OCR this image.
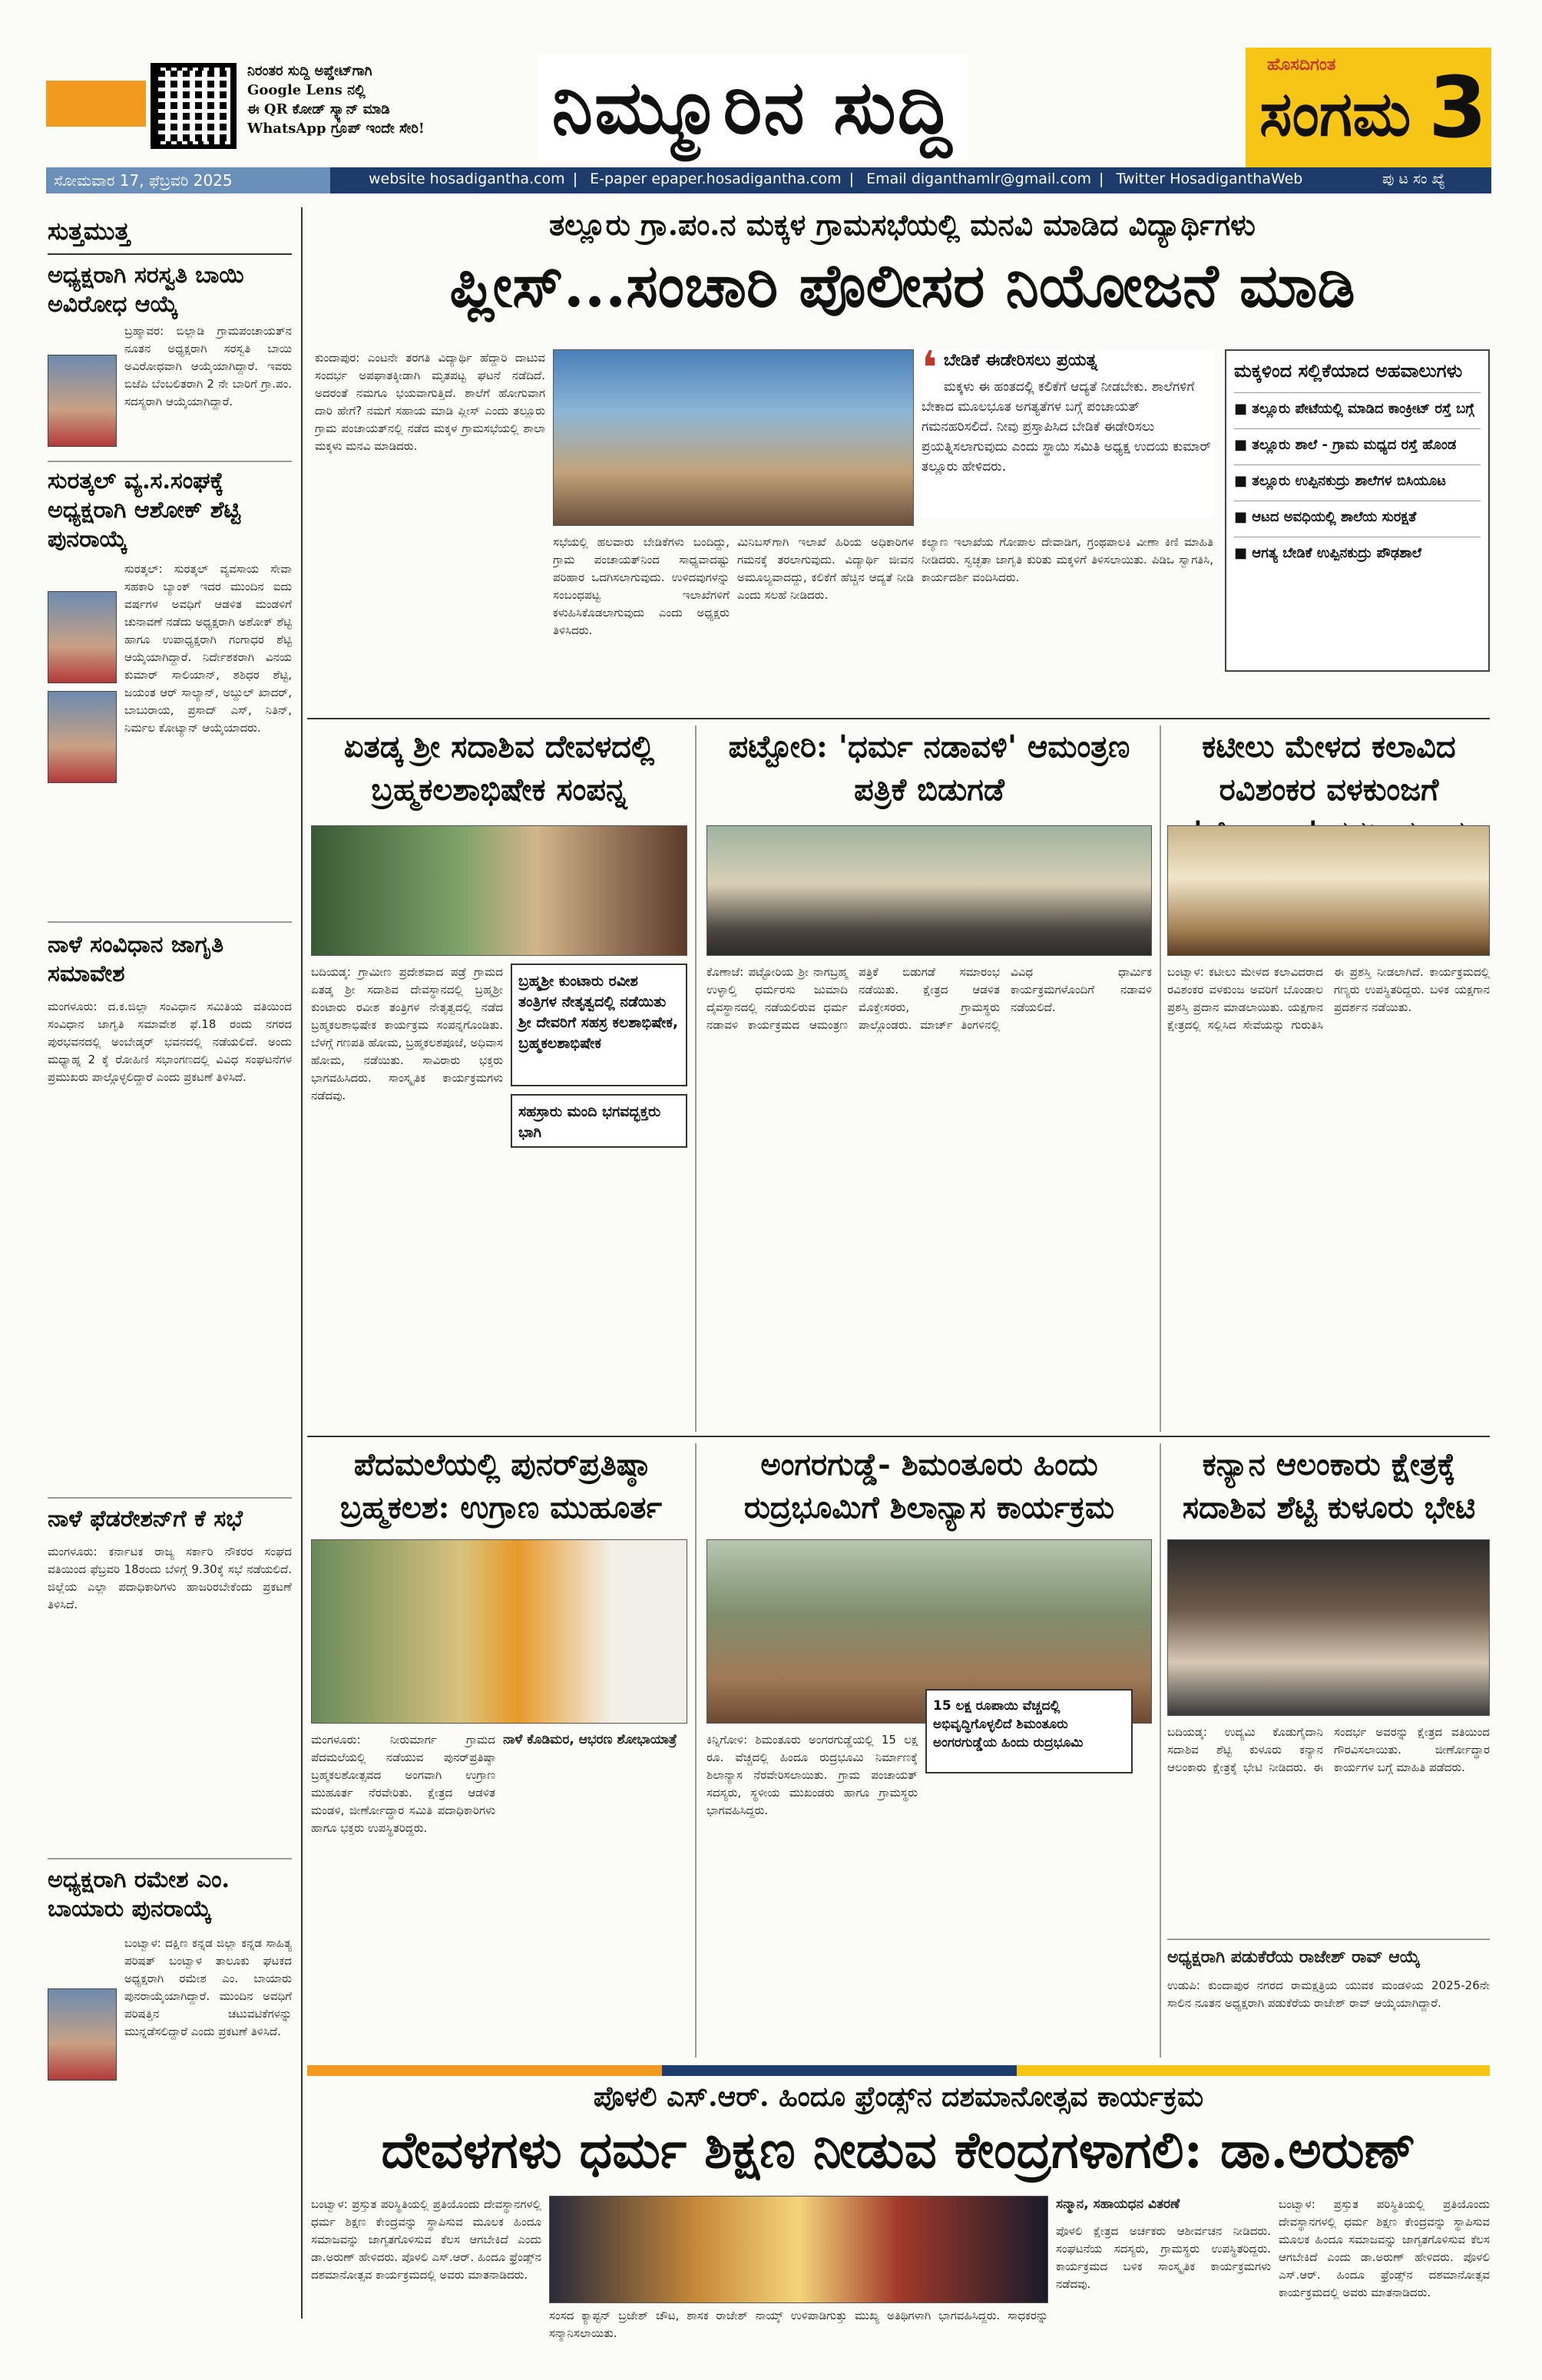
ನಿರಂತರ ಸುದ್ದಿ ಅಪ್ಡೇಟ್‌ಗಾಗಿ
Google Lens ನಲ್ಲಿ
ಈ QR ಕೋಡ್ ಸ್ಕ್ಯಾನ್ ಮಾಡಿ
WhatsApp ಗ್ರೂಪ್ ಇಂದೇ ಸೇರಿ!	ನಿಮ್ಮೂರಿನ ಸುದ್ದಿ	ಹೊಸದಿಗಂತ
ಸಂಗಮ 3
ಸೋಮವಾರ 17, ಫೆಬ್ರವರಿ 2025	website hosadigantha.com | E-paper epaper.hosadigantha.com | Email diganthamlr@gmail.com | Twitter HosadiganthaWeb	ಪು ಟ ಸಂ ಖ್ಯೆ
ಸುತ್ತಮುತ್ತ
ಅಧ್ಯಕ್ಷರಾಗಿ ಸರಸ್ವತಿ ಬಾಯಿ ಅವಿರೋಧ ಆಯ್ಕೆ
ಬ್ರಹ್ಮಾವರ: ಬಿಲ್ಲಾಡಿ ಗ್ರಾಮಪಂಚಾಯತ್‌ನ ನೂತನ ಅಧ್ಯಕ್ಷರಾಗಿ ಸರಸ್ವತಿ ಬಾಯಿ ಅವಿರೋಧವಾಗಿ ಆಯ್ಕೆಯಾಗಿದ್ದಾರೆ. ಇವರು ಬಿಜೆಪಿ ಬೆಂಬಲಿತರಾಗಿ 2 ನೇ ಬಾರಿಗೆ ಗ್ರಾ.ಪಂ. ಸದಸ್ಯರಾಗಿ ಆಯ್ಕೆಯಾಗಿದ್ದಾರೆ.
ಸುರತ್ಕಲ್ ವ್ಯ.ಸ.ಸಂಘಕ್ಕೆ ಅಧ್ಯಕ್ಷರಾಗಿ ಆಶೋಕ್ ಶೆಟ್ಟಿ ಪುನರಾಯ್ಕೆ
ಸುರತ್ಕಲ್: ಸುರತ್ಕಲ್ ವ್ಯವಸಾಯ ಸೇವಾ ಸಹಕಾರಿ ಬ್ಯಾಂಕ್ ಇದರ ಮುಂದಿನ ಐದು ವರ್ಷಗಳ ಅವಧಿಗೆ ಆಡಳಿತ ಮಂಡಳಿಗೆ ಚುನಾವಣೆ ನಡೆದು ಅಧ್ಯಕ್ಷರಾಗಿ ಅಶೋಕ್ ಶೆಟ್ಟಿ ಹಾಗೂ ಉಪಾಧ್ಯಕ್ಷರಾಗಿ ಗಂಗಾಧರ ಶೆಟ್ಟಿ ಆಯ್ಕೆಯಾಗಿದ್ದಾರೆ. ನಿರ್ದೇಶಕರಾಗಿ ವಿನಯ ಕುಮಾರ್ ಸಾಲಿಯಾನ್, ಶಶಿಧರ ಶೆಟ್ಟಿ, ಜಯಂತ ಆರ್ ಸಾಲ್ಯಾನ್, ಅಬ್ದುಲ್ ಖಾದರ್, ಬಾಬುರಾಯ, ಪ್ರಸಾದ್ ಎಸ್, ನಿತಿನ್, ನಿರ್ಮಲ ಕೋಟ್ಯಾನ್ ಆಯ್ಕೆಯಾದರು.
ನಾಳೆ ಸಂವಿಧಾನ ಜಾಗೃತಿ ಸಮಾವೇಶ
ಮಂಗಳೂರು: ದ.ಕ.ಜಿಲ್ಲಾ ಸಂವಿಧಾನ ಸಮಿತಿಯ ವತಿಯಿಂದ ಸಂವಿಧಾನ ಜಾಗೃತಿ ಸಮಾವೇಶ ಫೆ.18 ರಂದು ನಗರದ ಪುರಭವನದಲ್ಲಿ ಅಂಬೇಡ್ಕರ್ ಭವನದಲ್ಲಿ ನಡೆಯಲಿದೆ. ಅಂದು ಮಧ್ಯಾಹ್ನ 2 ಕ್ಕೆ ರೋಹಿಣಿ ಸಭಾಂಗಣದಲ್ಲಿ ವಿವಿಧ ಸಂಘಟನೆಗಳ ಪ್ರಮುಖರು ಪಾಲ್ಗೊಳ್ಳಲಿದ್ದಾರೆ ಎಂದು ಪ್ರಕಟಣೆ ತಿಳಿಸಿದೆ.
ನಾಳೆ ಫೆಡರೇಶನ್‌ಗೆ ಕೆ ಸಭೆ
ಮಂಗಳೂರು: ಕರ್ನಾಟಕ ರಾಜ್ಯ ಸರ್ಕಾರಿ ನೌಕರರ ಸಂಘದ ವತಿಯಿಂದ ಫೆಬ್ರವರಿ 18ರಂದು ಬೆಳಿಗ್ಗೆ 9.30ಕ್ಕೆ ಸಭೆ ನಡೆಯಲಿದೆ. ಜಿಲ್ಲೆಯ ಎಲ್ಲಾ ಪದಾಧಿಕಾರಿಗಳು ಹಾಜರಿರಬೇಕೆಂದು ಪ್ರಕಟಣೆ ತಿಳಿಸಿದೆ.
ಅಧ್ಯಕ್ಷರಾಗಿ ರಮೇಶ ಎಂ. ಬಾಯಾರು ಪುನರಾಯ್ಕೆ
ಬಂಟ್ವಾಳ: ದಕ್ಷಿಣ ಕನ್ನಡ ಜಿಲ್ಲಾ ಕನ್ನಡ ಸಾಹಿತ್ಯ ಪರಿಷತ್ ಬಂಟ್ವಾಳ ತಾಲೂಕು ಘಟಕದ ಅಧ್ಯಕ್ಷರಾಗಿ ರಮೇಶ ಎಂ. ಬಾಯಾರು ಪುನರಾಯ್ಕೆಯಾಗಿದ್ದಾರೆ. ಮುಂದಿನ ಅವಧಿಗೆ ಪರಿಷತ್ತಿನ ಚಟುವಟಿಕೆಗಳನ್ನು ಮುನ್ನಡೆಸಲಿದ್ದಾರೆ ಎಂದು ಪ್ರಕಟಣೆ ತಿಳಿಸಿದೆ.
ತಲ್ಲೂರು ಗ್ರಾ.ಪಂ.ನ ಮಕ್ಕಳ ಗ್ರಾಮಸಭೆಯಲ್ಲಿ ಮನವಿ ಮಾಡಿದ ವಿದ್ಯಾರ್ಥಿಗಳು
ಪ್ಲೀಸ್...ಸಂಚಾರಿ ಪೊಲೀಸರ ನಿಯೋಜನೆ ಮಾಡಿ
ಕುಂದಾಪುರ: ಎಂಟನೇ ತರಗತಿ ವಿದ್ಯಾರ್ಥಿ ಹೆದ್ದಾರಿ ದಾಟುವ ಸಂದರ್ಭ ಅಪಘಾತಕ್ಕೀಡಾಗಿ ಮೃತಪಟ್ಟ ಘಟನೆ ನಡೆದಿದೆ. ಅದರಂತೆ ನಮಗೂ ಭಯವಾಗುತ್ತಿದೆ. ಶಾಲೆಗೆ ಹೋಗುವಾಗ ದಾರಿ ಹೇಗೆ? ನಮಗೆ ಸಹಾಯ ಮಾಡಿ ಪ್ಲೀಸ್ ಎಂದು ತಲ್ಲೂರು ಗ್ರಾಮ ಪಂಚಾಯತ್‌ನಲ್ಲಿ ನಡೆದ ಮಕ್ಕಳ ಗ್ರಾಮಸಭೆಯಲ್ಲಿ ಶಾಲಾ ಮಕ್ಕಳು ಮನವಿ ಮಾಡಿದರು.
ಸಭೆಯಲ್ಲಿ ಹಲವಾರು ಬೇಡಿಕೆಗಳು ಬಂದಿದ್ದು, ಗ್ರಾಮ ಪಂಚಾಯತ್‌ನಿಂದ ಸಾಧ್ಯವಾದಷ್ಟು ಪರಿಹಾರ ಒದಗಿಸಲಾಗುವುದು. ಉಳಿದವುಗಳನ್ನು ಸಂಬಂಧಪಟ್ಟ ಇಲಾಖೆಗಳಿಗೆ ಕಳುಹಿಸಿಕೊಡಲಾಗುವುದು ಎಂದು ಅಧ್ಯಕ್ಷರು ತಿಳಿಸಿದರು.
ಮಿನಿಬಸ್‌ಗಾಗಿ ಇಲಾಖೆ ಹಿರಿಯ ಅಧಿಕಾರಿಗಳ ಗಮನಕ್ಕೆ ತರಲಾಗುವುದು. ವಿದ್ಯಾರ್ಥಿ ಜೀವನ ಅಮೂಲ್ಯವಾದದ್ದು, ಕಲಿಕೆಗೆ ಹೆಚ್ಚಿನ ಆದ್ಯತೆ ನೀಡಿ ಎಂದು ಸಲಹೆ ನೀಡಿದರು.
❛ ಬೇಡಿಕೆ ಈಡೇರಿಸಲು ಪ್ರಯತ್ನ
ಮಕ್ಕಳು ಈ ಹಂತದಲ್ಲಿ ಕಲಿಕೆಗೆ ಆದ್ಯತೆ ನೀಡಬೇಕು. ಶಾಲೆಗಳಿಗೆ ಬೇಕಾದ ಮೂಲಭೂತ ಅಗತ್ಯತೆಗಳ ಬಗ್ಗೆ ಪಂಚಾಯತ್ ಗಮನಹರಿಸಲಿದೆ. ನೀವು ಪ್ರಸ್ತಾಪಿಸಿದ ಬೇಡಿಕೆ ಈಡೇರಿಸಲು ಪ್ರಯತ್ನಿಸಲಾಗುವುದು ಎಂದು ಸ್ಥಾಯಿ ಸಮಿತಿ ಅಧ್ಯಕ್ಷ ಉದಯ ಕುಮಾರ್ ತಲ್ಲೂರು ಹೇಳಿದರು.
ಕಲ್ಯಾಣ ಇಲಾಖೆಯ ಗೋಪಾಲ ದೇವಾಡಿಗ, ಗ್ರಂಥಪಾಲಕಿ ವೀಣಾ ಕಿಣಿ ಮಾಹಿತಿ ನೀಡಿದರು. ಸ್ವಚ್ಛತಾ ಜಾಗೃತಿ ಕುರಿತು ಮಕ್ಕಳಿಗೆ ತಿಳಿಸಲಾಯಿತು. ಪಿಡಿಒ ಸ್ವಾಗತಿಸಿ, ಕಾರ್ಯದರ್ಶಿ ವಂದಿಸಿದರು.
ಮಕ್ಕಳಿಂದ ಸಲ್ಲಿಕೆಯಾದ ಅಹವಾಲುಗಳು
■ ತಲ್ಲೂರು ಪೇಟೆಯಲ್ಲಿ ಮಾಡಿದ ಕಾಂಕ್ರೀಟ್ ರಸ್ತೆ ಬಗ್ಗೆ
■ ತಲ್ಲೂರು ಶಾಲೆ - ಗ್ರಾಮ ಮಧ್ಯದ ರಸ್ತೆ ಹೊಂಡ
■ ತಲ್ಲೂರು ಉಪ್ಪಿನಕುದ್ರು ಶಾಲೆಗಳ ಬಿಸಿಯೂಟ
■ ಆಟದ ಅವಧಿಯಲ್ಲಿ ಶಾಲೆಯ ಸುರಕ್ಷತೆ
■ ಆಗತ್ಯ ಬೇಡಿಕೆ ಉಪ್ಪಿನಕುದ್ರು ಪೌಢಶಾಲೆ
ಏತಡ್ಕ ಶ್ರೀ ಸದಾಶಿವ ದೇವಳದಲ್ಲಿ ಬ್ರಹ್ಮಕಲಶಾಭಿಷೇಕ ಸಂಪನ್ನ
ಬದಿಯಡ್ಕ: ಗ್ರಾಮೀಣ ಪ್ರದೇಶವಾದ ಪಡ್ರೆ ಗ್ರಾಮದ ಏತಡ್ಕ ಶ್ರೀ ಸದಾಶಿವ ದೇವಸ್ಥಾನದಲ್ಲಿ ಬ್ರಹ್ಮಶ್ರೀ ಕುಂಟಾರು ರವೀಶ ತಂತ್ರಿಗಳ ನೇತೃತ್ವದಲ್ಲಿ ನಡೆದ ಬ್ರಹ್ಮಕಲಶಾಭಿಷೇಕ ಕಾರ್ಯಕ್ರಮ ಸಂಪನ್ನಗೊಂಡಿತು. ಬೆಳಗ್ಗೆ ಗಣಪತಿ ಹೋಮ, ಬ್ರಹ್ಮಕಲಶಪೂಜೆ, ಅಧಿವಾಸ ಹೋಮ, ನಡೆಯಿತು. ಸಾವಿರಾರು ಭಕ್ತರು ಭಾಗವಹಿಸಿದರು. ಸಾಂಸ್ಕೃತಿಕ ಕಾರ್ಯಕ್ರಮಗಳು ನಡೆದವು.
ಬ್ರಹ್ಮಶ್ರೀ ಕುಂಟಾರು ರವೀಶ ತಂತ್ರಿಗಳ ನೇತೃತ್ವದಲ್ಲಿ ನಡೆಯಿತು ಶ್ರೀ ದೇವರಿಗೆ ಸಹಸ್ರ ಕಲಶಾಭಿಷೇಕ, ಬ್ರಹ್ಮಕಲಶಾಭಿಷೇಕ
ಸಹಸ್ರಾರು ಮಂದಿ ಭಗವದ್ಭಕ್ತರು ಭಾಗಿ
ಪಟ್ಟೋರಿ: 'ಧರ್ಮ ನಡಾವಳಿ' ಆಮಂತ್ರಣ ಪತ್ರಿಕೆ ಬಿಡುಗಡೆ
ಕೊಣಾಜೆ: ಪಟ್ಟೋರಿಯ ಶ್ರೀ ನಾಗಬ್ರಹ್ಮ ಉಳ್ಳಾಲ್ತಿ ಧರ್ಮರಸು ಜುಮಾದಿ ದೈವಸ್ಥಾನದಲ್ಲಿ ನಡೆಯಲಿರುವ ಧರ್ಮ ನಡಾವಳಿ ಕಾರ್ಯಕ್ರಮದ ಆಮಂತ್ರಣ ಪತ್ರಿಕೆ ಬಿಡುಗಡೆ ಸಮಾರಂಭ ನಡೆಯಿತು. ಕ್ಷೇತ್ರದ ಆಡಳಿತ ಮೊಕ್ತೇಸರರು, ಗ್ರಾಮಸ್ಥರು ಪಾಲ್ಗೊಂಡರು. ಮಾರ್ಚ್ ತಿಂಗಳಿನಲ್ಲಿ ವಿವಿಧ ಧಾರ್ಮಿಕ ಕಾರ್ಯಕ್ರಮಗಳೊಂದಿಗೆ ನಡಾವಳಿ ನಡೆಯಲಿದೆ.
ಕಟೀಲು ಮೇಳದ ಕಲಾವಿದ ರವಿಶಂಕರ ವಳಕುಂಜಗೆ
ಬಂಟ್ವಾಳ: ಕಟೀಲು ಮೇಳದ ಕಲಾವಿದರಾದ ರವಿಶಂಕರ ವಳಕುಂಜ ಅವರಿಗೆ ಬೊಂಡಾಲ ಪ್ರಶಸ್ತಿ ಪ್ರದಾನ ಮಾಡಲಾಯಿತು. ಯಕ್ಷಗಾನ ಕ್ಷೇತ್ರದಲ್ಲಿ ಸಲ್ಲಿಸಿದ ಸೇವೆಯನ್ನು ಗುರುತಿಸಿ ಈ ಪ್ರಶಸ್ತಿ ನೀಡಲಾಗಿದೆ. ಕಾರ್ಯಕ್ರಮದಲ್ಲಿ ಗಣ್ಯರು ಉಪಸ್ಥಿತರಿದ್ದರು. ಬಳಿಕ ಯಕ್ಷಗಾನ ಪ್ರದರ್ಶನ ನಡೆಯಿತು.
ಪೆದಮಲೆಯಲ್ಲಿ ಪುನರ್‌ಪ್ರತಿಷ್ಠಾ ಬ್ರಹ್ಮಕಲಶ: ಉಗ್ರಾಣ ಮುಹೂರ್ತ
ಮಂಗಳೂರು: ನೀರುಮಾರ್ಗ ಗ್ರಾಮದ ಪೆದಮಲೆಯಲ್ಲಿ ನಡೆಯುವ ಪುನರ್‌ಪ್ರತಿಷ್ಠಾ ಬ್ರಹ್ಮಕಲಶೋತ್ಸವದ ಅಂಗವಾಗಿ ಉಗ್ರಾಣ ಮುಹೂರ್ತ ನೆರವೇರಿತು. ಕ್ಷೇತ್ರದ ಆಡಳಿತ ಮಂಡಳಿ, ಜೀರ್ಣೋದ್ಧಾರ ಸಮಿತಿ ಪದಾಧಿಕಾರಿಗಳು ಹಾಗೂ ಭಕ್ತರು ಉಪಸ್ಥಿತರಿದ್ದರು.
ನಾಳೆ ಕೊಡಿಮರ, ಆಭರಣ ಶೋಭಾಯಾತ್ರೆ
ಅಂಗರಗುಡ್ಡೆ- ಶಿಮಂತೂರು ಹಿಂದು ರುದ್ರಭೂಮಿಗೆ ಶಿಲಾನ್ಯಾಸ ಕಾರ್ಯಕ್ರಮ
15 ಲಕ್ಷ ರೂಪಾಯಿ ವೆಚ್ಚದಲ್ಲಿ ಅಭಿವೃದ್ಧಿಗೊಳ್ಳಲಿದೆ ಶಿಮಂತೂರು ಅಂಗರಗುಡ್ಡೆಯ ಹಿಂದು ರುದ್ರಭೂಮಿ
ಕಿನ್ನಿಗೋಳಿ: ಶಿಮಂತೂರು ಅಂಗರಗುಡ್ಡೆಯಲ್ಲಿ 15 ಲಕ್ಷ ರೂ. ವೆಚ್ಚದಲ್ಲಿ ಹಿಂದೂ ರುದ್ರಭೂಮಿ ನಿರ್ಮಾಣಕ್ಕೆ ಶಿಲಾನ್ಯಾಸ ನೆರವೇರಿಸಲಾಯಿತು. ಗ್ರಾಮ ಪಂಚಾಯತ್ ಸದಸ್ಯರು, ಸ್ಥಳೀಯ ಮುಖಂಡರು ಹಾಗೂ ಗ್ರಾಮಸ್ಥರು ಭಾಗವಹಿಸಿದ್ದರು.
ಕನ್ಯಾನ ಆಲಂಕಾರು ಕ್ಷೇತ್ರಕ್ಕೆ ಸದಾಶಿವ ಶೆಟ್ಟಿ ಕುಳೂರು ಭೇಟಿ
ಬದಿಯಡ್ಕ: ಉದ್ಯಮಿ ಕೊಡುಗೈದಾನಿ ಸದಾಶಿವ ಶೆಟ್ಟಿ ಕುಳೂರು ಕನ್ಯಾನ ಆಲಂಕಾರು ಕ್ಷೇತ್ರಕ್ಕೆ ಭೇಟಿ ನೀಡಿದರು. ಈ ಸಂದರ್ಭ ಅವರನ್ನು ಕ್ಷೇತ್ರದ ವತಿಯಿಂದ ಗೌರವಿಸಲಾಯಿತು. ಜೀರ್ಣೋದ್ಧಾರ ಕಾರ್ಯಗಳ ಬಗ್ಗೆ ಮಾಹಿತಿ ಪಡೆದರು.
ಅಧ್ಯಕ್ಷರಾಗಿ ಪಡುಕೆರೆಯ ರಾಜೇಶ್ ರಾವ್ ಆಯ್ಕೆ
ಉಡುಪಿ: ಕುಂದಾಪುರ ನಗರದ ರಾಮಕ್ಷತ್ರಿಯ ಯುವಕ ಮಂಡಳಿಯ 2025-26ನೇ ಸಾಲಿನ ನೂತನ ಅಧ್ಯಕ್ಷರಾಗಿ ಪಡುಕೆರೆಯ ರಾಜೇಶ್ ರಾವ್ ಆಯ್ಕೆಯಾಗಿದ್ದಾರೆ.
ಪೊಳಲಿ ಎಸ್.ಆರ್. ಹಿಂದೂ ಫ್ರೆಂಡ್ಸ್‌ನ ದಶಮಾನೋತ್ಸವ ಕಾರ್ಯಕ್ರಮ
ದೇವಳಗಳು ಧರ್ಮ ಶಿಕ್ಷಣ ನೀಡುವ ಕೇಂದ್ರಗಳಾಗಲಿ: ಡಾ.ಅರುಣ್
ಬಂಟ್ವಾಳ: ಪ್ರಸ್ತುತ ಪರಿಸ್ಥಿತಿಯಲ್ಲಿ ಪ್ರತಿಯೊಂದು ದೇವಸ್ಥಾನಗಳಲ್ಲಿ ಧರ್ಮ ಶಿಕ್ಷಣ ಕೇಂದ್ರವನ್ನು ಸ್ಥಾಪಿಸುವ ಮೂಲಕ ಹಿಂದೂ ಸಮಾಜವನ್ನು ಜಾಗೃತಗೊಳಿಸುವ ಕೆಲಸ ಆಗಬೇಕಿದೆ ಎಂದು ಡಾ.ಅರುಣ್ ಹೇಳಿದರು. ಪೊಳಲಿ ಎಸ್.ಆರ್. ಹಿಂದೂ ಫ್ರೆಂಡ್ಸ್‌ನ ದಶಮಾನೋತ್ಸವ ಕಾರ್ಯಕ್ರಮದಲ್ಲಿ ಅವರು ಮಾತನಾಡಿದರು.
ಸಂಸದ ಕ್ಯಾಪ್ಟನ್ ಬ್ರಜೇಶ್ ಚೌಟ, ಶಾಸಕ ರಾಜೇಶ್ ನಾಯ್ಕ್ ಉಳಿಪಾಡಿಗುತ್ತು ಮುಖ್ಯ ಅತಿಥಿಗಳಾಗಿ ಭಾಗವಹಿಸಿದ್ದರು. ಸಾಧಕರನ್ನು ಸನ್ಮಾನಿಸಲಾಯಿತು.
ಸನ್ಮಾನ, ಸಹಾಯಧನ ವಿತರಣೆ
ಪೊಳಲಿ ಕ್ಷೇತ್ರದ ಅರ್ಚಕರು ಆಶೀರ್ವಚನ ನೀಡಿದರು. ಸಂಘಟನೆಯ ಸದಸ್ಯರು, ಗ್ರಾಮಸ್ಥರು ಉಪಸ್ಥಿತರಿದ್ದರು. ಕಾರ್ಯಕ್ರಮದ ಬಳಿಕ ಸಾಂಸ್ಕೃತಿಕ ಕಾರ್ಯಕ್ರಮಗಳು ನಡೆದವು.
ಬಂಟ್ವಾಳ: ಪ್ರಸ್ತುತ ಪರಿಸ್ಥಿತಿಯಲ್ಲಿ ಪ್ರತಿಯೊಂದು ದೇವಸ್ಥಾನಗಳಲ್ಲಿ ಧರ್ಮ ಶಿಕ್ಷಣ ಕೇಂದ್ರವನ್ನು ಸ್ಥಾಪಿಸುವ ಮೂಲಕ ಹಿಂದೂ ಸಮಾಜವನ್ನು ಜಾಗೃತಗೊಳಿಸುವ ಕೆಲಸ ಆಗಬೇಕಿದೆ ಎಂದು ಡಾ.ಅರುಣ್ ಹೇಳಿದರು. ಪೊಳಲಿ ಎಸ್.ಆರ್. ಹಿಂದೂ ಫ್ರೆಂಡ್ಸ್‌ನ ದಶಮಾನೋತ್ಸವ ಕಾರ್ಯಕ್ರಮದಲ್ಲಿ ಅವರು ಮಾತನಾಡಿದರು.
